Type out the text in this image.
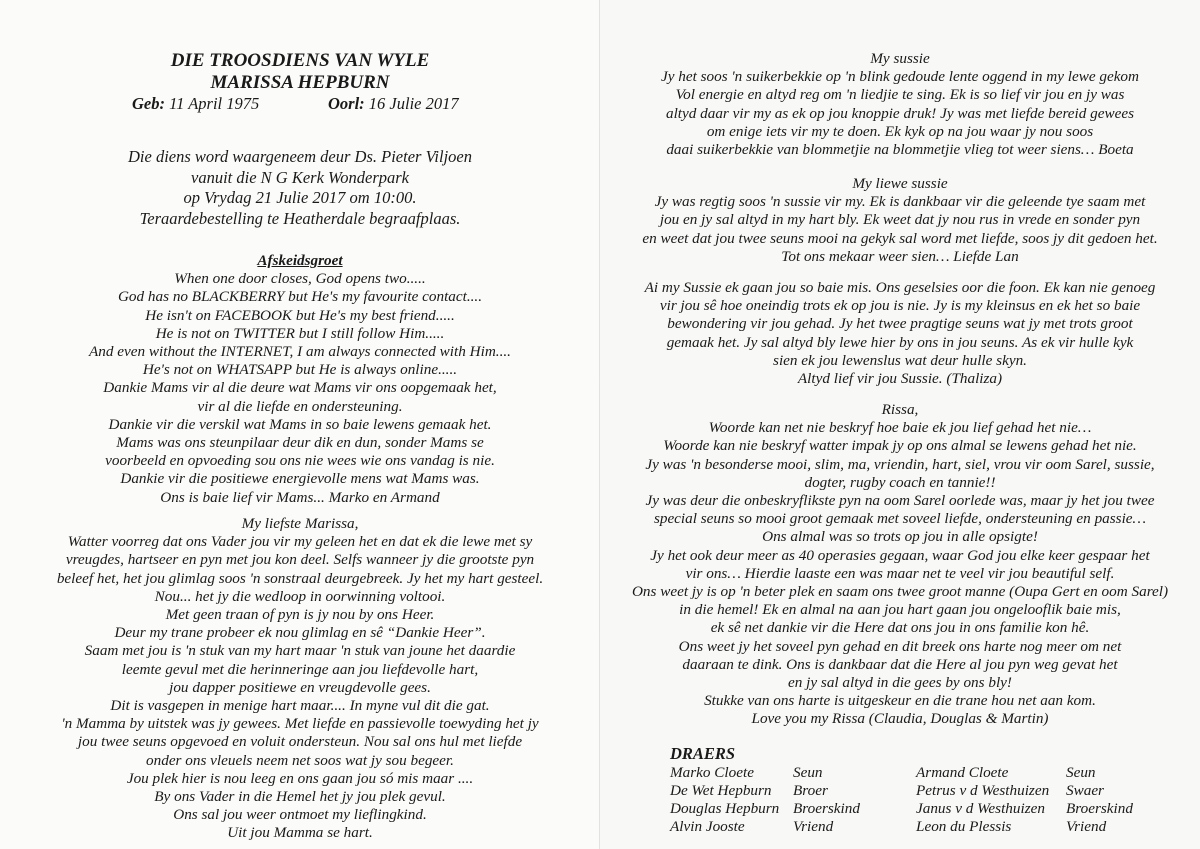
DIE TROOSDIENS VAN WYLE
MARISSA HEPBURN
Geb: 11 April 1975	Oorl: 16 Julie 2017
Die diens word waargeneem deur Ds. Pieter Viljoen
vanuit die N G Kerk Wonderpark
op Vrydag 21 Julie 2017 om 10:00.
Teraardebestelling te Heatherdale begraafplaas.
Afskeidsgroet
When one door closes, God opens two.....
God has no BLACKBERRY but He's my favourite contact....
He isn't on FACEBOOK but He's my best friend.....
He is not on TWITTER but I still follow Him.....
And even without the INTERNET, I am always connected with Him....
He's not on WHATSAPP but He is always online.....
Dankie Mams vir al die deure wat Mams vir ons oopgemaak het,
vir al die liefde en ondersteuning.
Dankie vir die verskil wat Mams in so baie lewens gemaak het.
Mams was ons steunpilaar deur dik en dun, sonder Mams se
voorbeeld en opvoeding sou ons nie wees wie ons vandag is nie.
Dankie vir die positiewe energievolle mens wat Mams was.
Ons is baie lief vir Mams... Marko en Armand
My liefste Marissa,
Watter voorreg dat ons Vader jou vir my geleen het en dat ek die lewe met sy
vreugdes, hartseer en pyn met jou kon deel. Selfs wanneer jy die grootste pyn
beleef het, het jou glimlag soos 'n sonstraal deurgebreek. Jy het my hart gesteel.
Nou... het jy die wedloop in oorwinning voltooi.
Met geen traan of pyn is jy nou by ons Heer.
Deur my trane probeer ek nou glimlag en sê “Dankie Heer”.
Saam met jou is 'n stuk van my hart maar 'n stuk van joune het daardie
leemte gevul met die herinneringe aan jou liefdevolle hart,
jou dapper positiewe en vreugdevolle gees.
Dit is vasgepen in menige hart maar.... In myne vul dit die gat.
'n Mamma by uitstek was jy gewees. Met liefde en passievolle toewyding het jy
jou twee seuns opgevoed en voluit ondersteun. Nou sal ons hul met liefde
onder ons vleuels neem net soos wat jy sou begeer.
Jou plek hier is nou leeg en ons gaan jou só mis maar ....
By ons Vader in die Hemel het jy jou plek gevul.
Ons sal jou weer ontmoet my lieflingkind.
Uit jou Mamma se hart.
My sussie
Jy het soos 'n suikerbekkie op 'n blink gedoude lente oggend in my lewe gekom
Vol energie en altyd reg om 'n liedjie te sing. Ek is so lief vir jou en jy was
altyd daar vir my as ek op jou knoppie druk! Jy was met liefde bereid gewees
om enige iets vir my te doen. Ek kyk op na jou waar jy nou soos
daai suikerbekkie van blommetjie na blommetjie vlieg tot weer siens… Boeta
My liewe sussie
Jy was regtig soos 'n sussie vir my. Ek is dankbaar vir die geleende tye saam met
jou en jy sal altyd in my hart bly. Ek weet dat jy nou rus in vrede en sonder pyn
en weet dat jou twee seuns mooi na gekyk sal word met liefde, soos jy dit gedoen het.
Tot ons mekaar weer sien… Liefde Lan
Ai my Sussie ek gaan jou so baie mis. Ons geselsies oor die foon. Ek kan nie genoeg
vir jou sê hoe oneindig trots ek op jou is nie. Jy is my kleinsus en ek het so baie
bewondering vir jou gehad. Jy het twee pragtige seuns wat jy met trots groot
gemaak het. Jy sal altyd bly lewe hier by ons in jou seuns. As ek vir hulle kyk
sien ek jou lewenslus wat deur hulle skyn.
Altyd lief vir jou Sussie. (Thaliza)
Rissa,
Woorde kan net nie beskryf hoe baie ek jou lief gehad het nie…
Woorde kan nie beskryf watter impak jy op ons almal se lewens gehad het nie.
Jy was 'n besonderse mooi, slim, ma, vriendin, hart, siel, vrou vir oom Sarel, sussie,
dogter, rugby coach en tannie!!
Jy was deur die onbeskryflikste pyn na oom Sarel oorlede was, maar jy het jou twee
special seuns so mooi groot gemaak met soveel liefde, ondersteuning en passie…
Ons almal was so trots op jou in alle opsigte!
Jy het ook deur meer as 40 operasies gegaan, waar God jou elke keer gespaar het
vir ons… Hierdie laaste een was maar net te veel vir jou beautiful self.
Ons weet jy is op 'n beter plek en saam ons twee groot manne (Oupa Gert en oom Sarel)
in die hemel! Ek en almal na aan jou hart gaan jou ongelooflik baie mis,
ek sê net dankie vir die Here dat ons jou in ons familie kon hê.
Ons weet jy het soveel pyn gehad en dit breek ons harte nog meer om net
daaraan te dink. Ons is dankbaar dat die Here al jou pyn weg gevat het
en jy sal altyd in die gees by ons bly!
Stukke van ons harte is uitgeskeur en die trane hou net aan kom.
Love you my Rissa (Claudia, Douglas & Martin)
DRAERS
Marko Cloete
De Wet Hepburn
Douglas Hepburn
Alvin Jooste
Seun
Broer
Broerskind
Vriend
Armand Cloete
Petrus v d Westhuizen
Janus v d Westhuizen
Leon du Plessis
Seun
Swaer
Broerskind
Vriend
